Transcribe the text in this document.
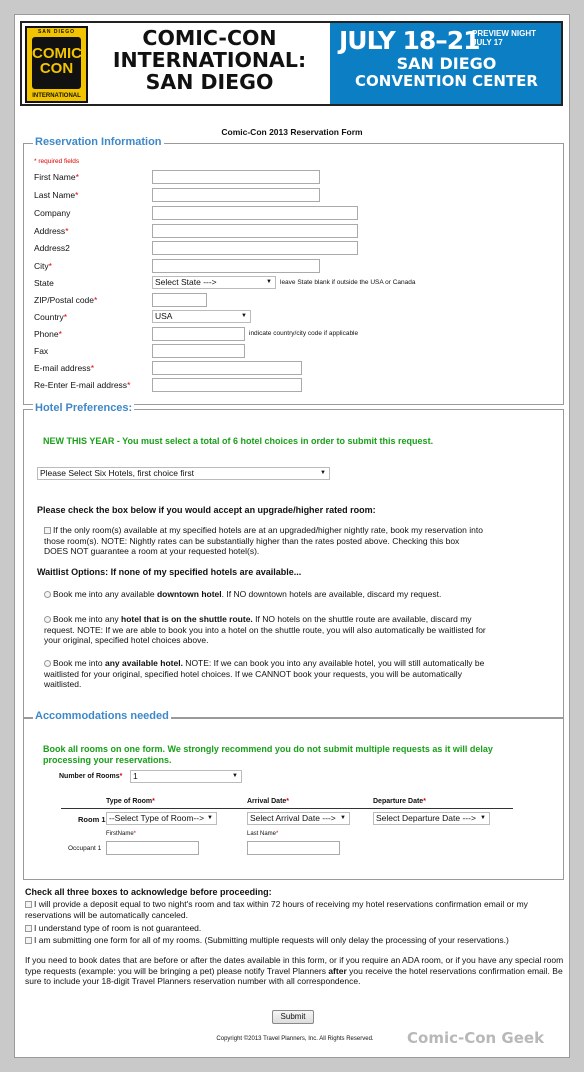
SAN DIEGO
COMIC CON
INTERNATIONAL
COMIC-CON
INTERNATIONAL:
SAN DIEGO
JULY 18–21
PREVIEW NIGHT
JULY 17
SAN DIEGO
CONVENTION CENTER
Comic-Con 2013 Reservation Form
Reservation Information
* required fields
First Name*
Last Name*
Company
Address*
Address2
City*
State	Select State --->	▼ leave State blank if outside the USA or Canada
ZIP/Postal code*
Country*	USA	▼
Phone*	indicate country/city code if applicable
Fax
E-mail address*
Re-Enter E-mail address*
Hotel Preferences:
NEW THIS YEAR - You must select a total of 6 hotel choices in order to submit this request.
Please Select Six Hotels, first choice first	▼
Please check the box below if you would accept an upgrade/higher rated room:
If the only room(s) available at my specified hotels are at an upgraded/higher nightly rate, book my reservation into those room(s). NOTE: Nightly rates can be substantially higher than the rates posted above. Checking this box DOES NOT guarantee a room at your requested hotel(s).
Waitlist Options: If none of my specified hotels are available...
Book me into any available downtown hotel. If NO downtown hotels are available, discard my request.
Book me into any hotel that is on the shuttle route. If NO hotels on the shuttle route are available, discard my request. NOTE: If we are able to book you into a hotel on the shuttle route, you will also automatically be waitlisted for your original, specified hotel choices above.
Book me into any available hotel. NOTE: If we can book you into any available hotel, you will still automatically be waitlisted for your original, specified hotel choices. If we CANNOT book your requests, you will be automatically waitlisted.
Accommodations needed
Book all rooms on one form. We strongly recommend you do not submit multiple requests as it will delay processing your reservations.
Number of Rooms*	1	▼
Type of Room*	Arrival Date*	Departure Date*
Room 1 --Select Type of Room--> ▼	Select Arrival Date ---> ▼	Select Departure Date ---> ▼
FirstName*	Last Name*
Occupant 1
Check all three boxes to acknowledge before proceeding:
I will provide a deposit equal to two night's room and tax within 72 hours of receiving my hotel reservations confirmation email or my reservations will be automatically canceled.
I understand type of room is not guaranteed.
I am submitting one form for all of my rooms. (Submitting multiple requests will only delay the processing of your reservations.)
If you need to book dates that are before or after the dates available in this form, or if you require an ADA room, or if you have any special room type requests (example: you will be bringing a pet) please notify Travel Planners after you receive the hotel reservations confirmation email. Be sure to include your 18-digit Travel Planners reservation number with all correspondence.
Submit
Copyright ©2013 Travel Planners, Inc. All Rights Reserved.	Comic-Con Geek
